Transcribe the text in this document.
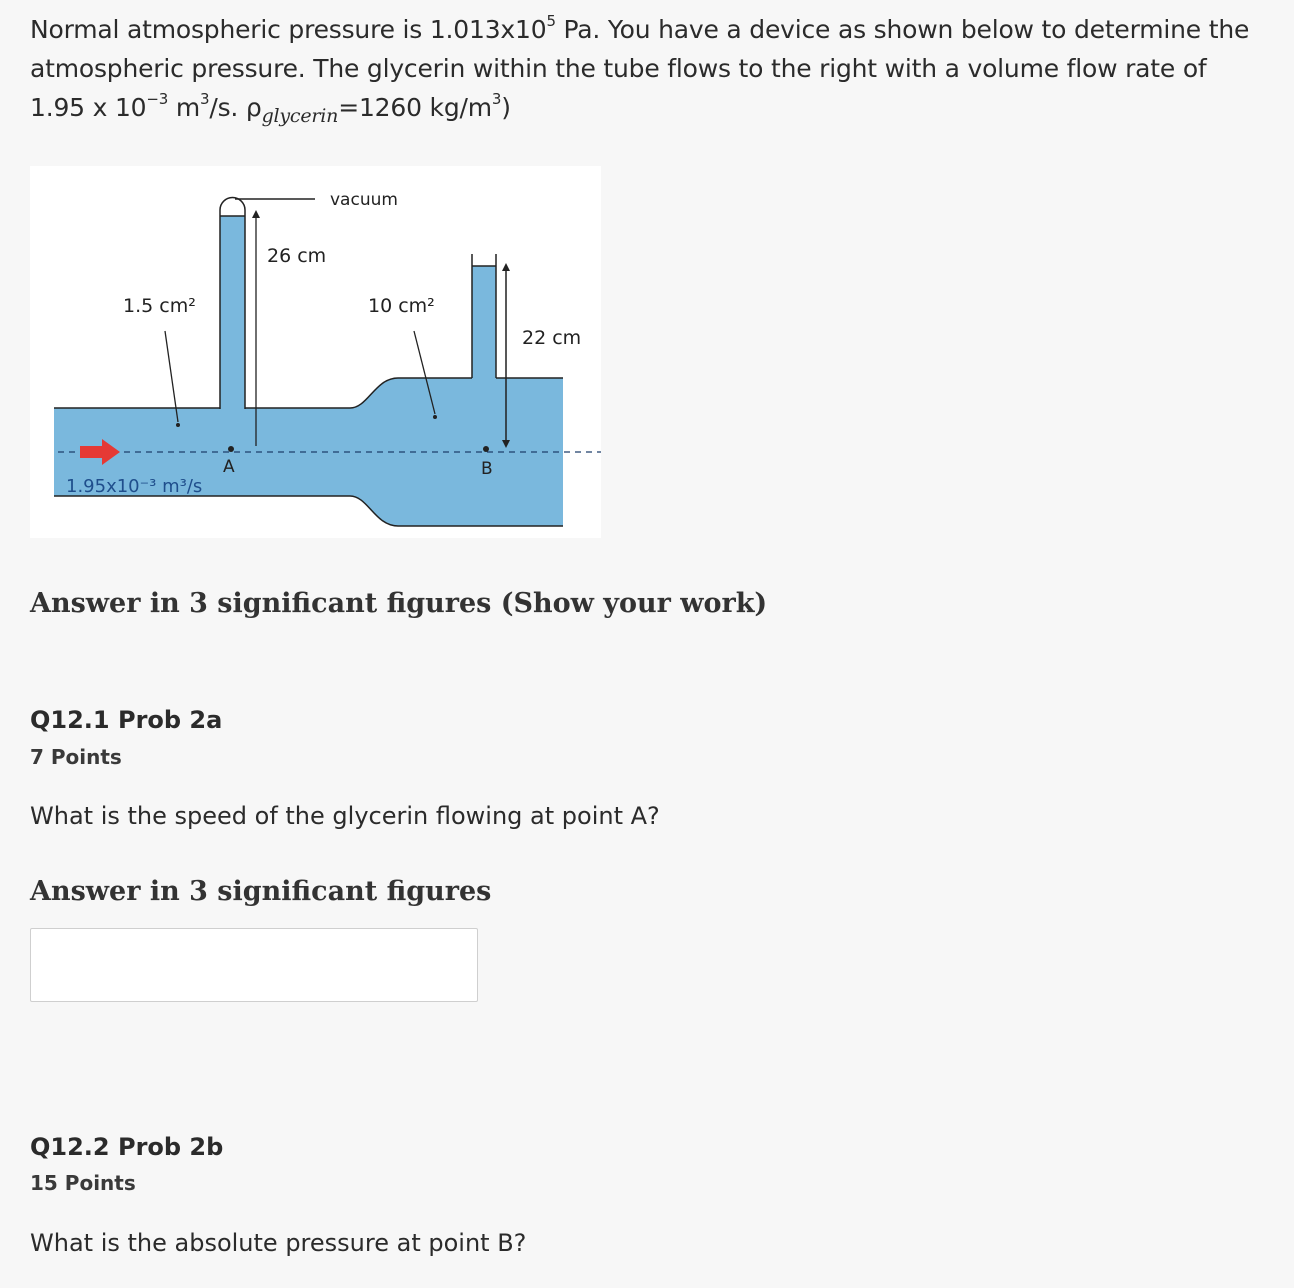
Normal atmospheric pressure is $1.013x10^5$ Pa. You have a device as shown below to determine the
atmospheric pressure. The glycerin within the tube flows to the right with a volume flow rate of
1.95 x $10^{-3}$ $m^3/s$. $\rho_{glycerin}=1260$ $kg/m^3$)
vacuum
26 cm
1.5 cm²
22 cm
10 cm²
A	B
1.95x10⁻³ m³/s
Answer in 3 significant figures (Show your work)
Q12.1 Prob 2a
7 Points
What is the speed of the glycerin flowing at point A?
Answer in 3 significant figures
Q12.2 Prob 2b
15 Points
What is the absolute pressure at point B?
